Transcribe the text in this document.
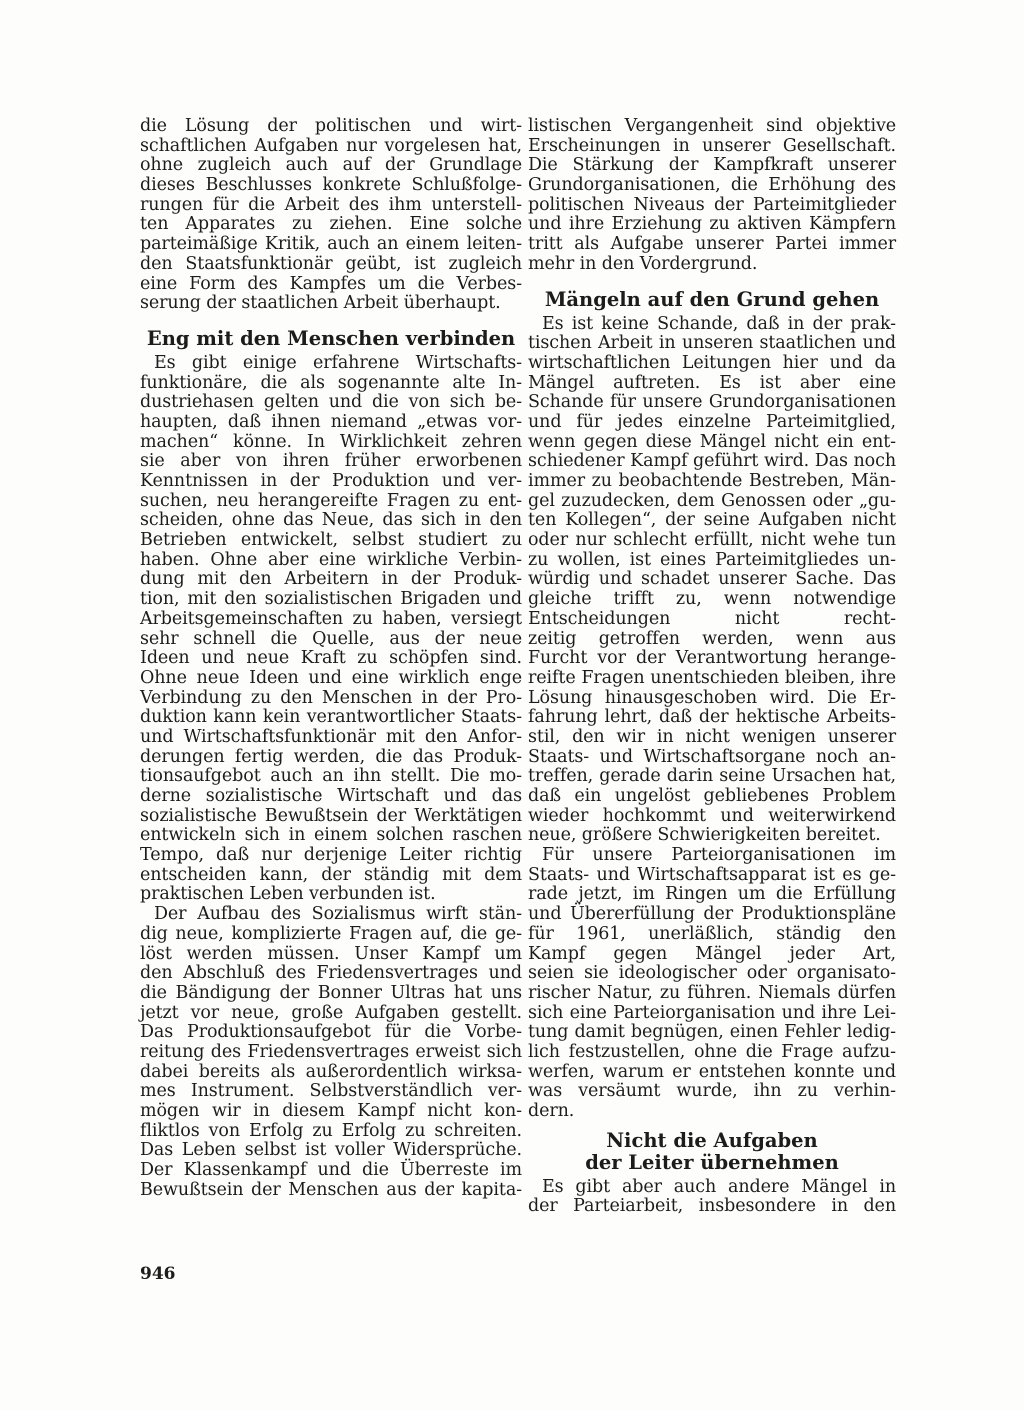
die Lösung der politischen und wirt-
schaftlichen Aufgaben nur vorgelesen hat,
ohne zugleich auch auf der Grundlage
dieses Beschlusses konkrete Schlußfolge-
rungen für die Arbeit des ihm unterstell-
ten Apparates zu ziehen. Eine solche
parteimäßige Kritik, auch an einem leiten-
den Staatsfunktionär geübt, ist zugleich
eine Form des Kampfes um die Verbes-
serung der staatlichen Arbeit überhaupt.
Eng mit den Menschen verbinden
Es gibt einige erfahrene Wirtschafts-
funktionäre, die als sogenannte alte In-
dustriehasen gelten und die von sich be-
haupten, daß ihnen niemand „etwas vor-
machen“ könne. In Wirklichkeit zehren
sie aber von ihren früher erworbenen
Kenntnissen in der Produktion und ver-
suchen, neu herangereifte Fragen zu ent-
scheiden, ohne das Neue, das sich in den
Betrieben entwickelt, selbst studiert zu
haben. Ohne aber eine wirkliche Verbin-
dung mit den Arbeitern in der Produk-
tion, mit den sozialistischen Brigaden und
Arbeitsgemeinschaften zu haben, versiegt
sehr schnell die Quelle, aus der neue
Ideen und neue Kraft zu schöpfen sind.
Ohne neue Ideen und eine wirklich enge
Verbindung zu den Menschen in der Pro-
duktion kann kein verantwortlicher Staats-
und Wirtschaftsfunktionär mit den Anfor-
derungen fertig werden, die das Produk-
tionsaufgebot auch an ihn stellt. Die mo-
derne sozialistische Wirtschaft und das
sozialistische Bewußtsein der Werktätigen
entwickeln sich in einem solchen raschen
Tempo, daß nur derjenige Leiter richtig
entscheiden kann, der ständig mit dem
praktischen Leben verbunden ist.
Der Aufbau des Sozialismus wirft stän-
dig neue, komplizierte Fragen auf, die ge-
löst werden müssen. Unser Kampf um
den Abschluß des Friedensvertrages und
die Bändigung der Bonner Ultras hat uns
jetzt vor neue, große Aufgaben gestellt.
Das Produktionsaufgebot für die Vorbe-
reitung des Friedensvertrages erweist sich
dabei bereits als außerordentlich wirksa-
mes Instrument. Selbstverständlich ver-
mögen wir in diesem Kampf nicht kon-
fliktlos von Erfolg zu Erfolg zu schreiten.
Das Leben selbst ist voller Widersprüche.
Der Klassenkampf und die Überreste im
Bewußtsein der Menschen aus der kapita-
listischen Vergangenheit sind objektive
Erscheinungen in unserer Gesellschaft.
Die Stärkung der Kampfkraft unserer
Grundorganisationen, die Erhöhung des
politischen Niveaus der Parteimitglieder
und ihre Erziehung zu aktiven Kämpfern
tritt als Aufgabe unserer Partei immer
mehr in den Vordergrund.
Mängeln auf den Grund gehen
Es ist keine Schande, daß in der prak-
tischen Arbeit in unseren staatlichen und
wirtschaftlichen Leitungen hier und da
Mängel auftreten. Es ist aber eine
Schande für unsere Grundorganisationen
und für jedes einzelne Parteimitglied,
wenn gegen diese Mängel nicht ein ent-
schiedener Kampf geführt wird. Das noch
immer zu beobachtende Bestreben, Män-
gel zuzudecken, dem Genossen oder „gu-
ten Kollegen“, der seine Aufgaben nicht
oder nur schlecht erfüllt, nicht wehe tun
zu wollen, ist eines Parteimitgliedes un-
würdig und schadet unserer Sache. Das
gleiche trifft zu, wenn notwendige
Entscheidungen nicht recht-
zeitig getroffen werden, wenn aus
Furcht vor der Verantwortung herange-
reifte Fragen unentschieden bleiben, ihre
Lösung hinausgeschoben wird. Die Er-
fahrung lehrt, daß der hektische Arbeits-
stil, den wir in nicht wenigen unserer
Staats- und Wirtschaftsorgane noch an-
treffen, gerade darin seine Ursachen hat,
daß ein ungelöst gebliebenes Problem
wieder hochkommt und weiterwirkend
neue, größere Schwierigkeiten bereitet.
Für unsere Parteiorganisationen im
Staats- und Wirtschaftsapparat ist es ge-
rade jetzt, im Ringen um die Erfüllung
und Übererfüllung der Produktionspläne
für 1961, unerläßlich, ständig den
Kampf gegen Mängel jeder Art,
seien sie ideologischer oder organisato-
rischer Natur, zu führen. Niemals dürfen
sich eine Parteiorganisation und ihre Lei-
tung damit begnügen, einen Fehler ledig-
lich festzustellen, ohne die Frage aufzu-
werfen, warum er entstehen konnte und
was versäumt wurde, ihn zu verhin-
dern.
Nicht die Aufgaben
der Leiter übernehmen
Es gibt aber auch andere Mängel in
der Parteiarbeit, insbesondere in den
946
